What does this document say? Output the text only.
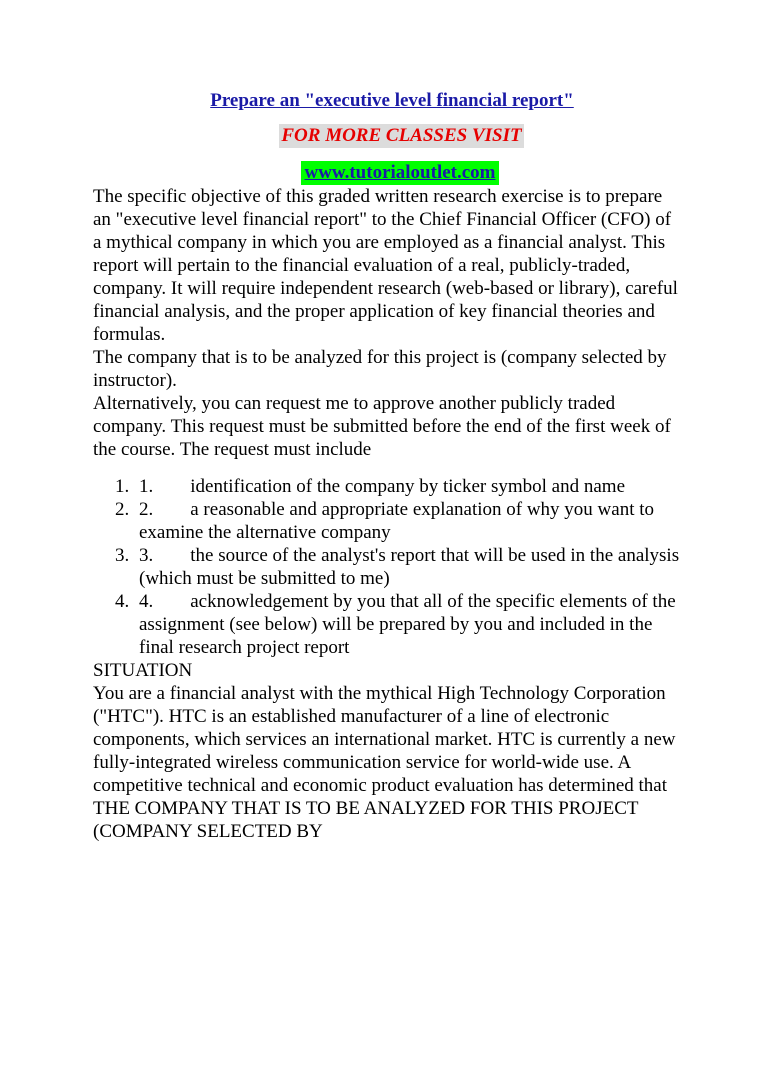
Prepare an "executive level financial report"
FOR MORE CLASSES VISIT
www.tutorialoutlet.com

The specific objective of this graded written research exercise is to prepare an "executive level financial report" to the Chief Financial Officer (CFO) of a mythical company in which you are employed as a financial analyst. This report will pertain to the financial evaluation of a real, publicly-traded, company. It will require independent research (web-based or library), careful financial analysis, and the proper application of key financial theories and formulas.

The company that is to be analyzed for this project is (company selected by instructor).

Alternatively, you can request me to approve another publicly traded company. This request must be submitted before the end of the first week of the course. The request must include

1. 1. identification of the company by ticker symbol and name
2. 2. a reasonable and appropriate explanation of why you want to examine the alternative company
3. 3. the source of the analyst's report that will be used in the analysis (which must be submitted to me)
4. 4. acknowledgement by you that all of the specific elements of the assignment (see below) will be prepared by you and included in the final research project report

SITUATION

You are a financial analyst with the mythical High Technology Corporation ("HTC"). HTC is an established manufacturer of a line of electronic components, which services an international market. HTC is currently a new fully-integrated wireless communication service for world-wide use. A competitive technical and economic product evaluation has determined that THE COMPANY THAT IS TO BE ANALYZED FOR THIS PROJECT (COMPANY SELECTED BY
